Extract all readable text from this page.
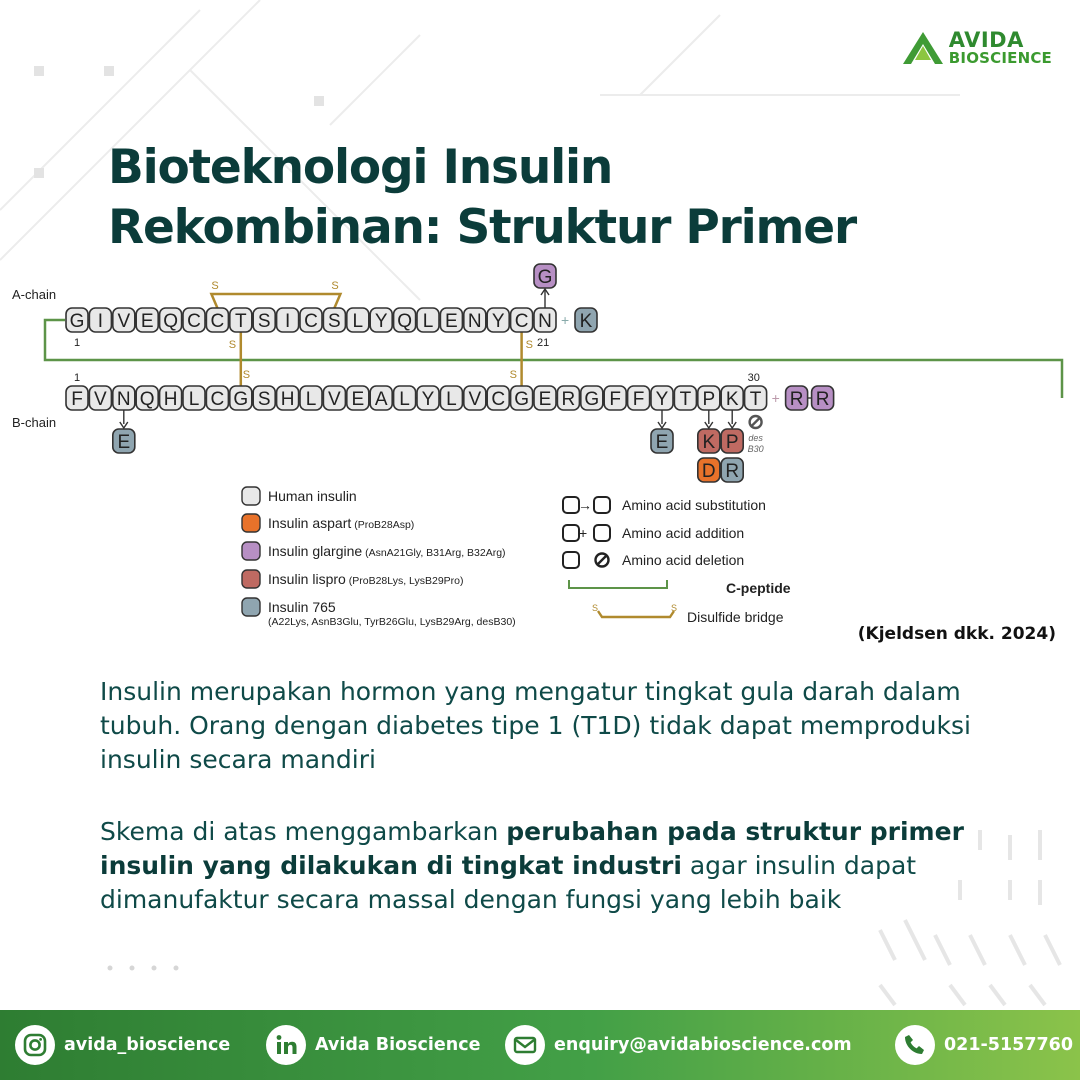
AVIDA
BIOSCIENCE
Bioteknologi Insulin
Rekombinan: Struktur Primer
A-chain
B-chain
S	S
S
S
S
S
G I V E Q C C T S I C S L Y Q L E N Y C N
1	21
+ K
G
F V N Q H L C G S H L V E A L Y L V C G E R G F F Y T P K T
1	30
+ R R
E	E K
D
P
R
des
B30
Human insulin
Insulin aspart (ProB28Asp)
Insulin glargine (AsnA21Gly, B31Arg, B32Arg)
Insulin lispro (ProB28Lys, LysB29Pro)
Insulin 765
(A22Lys, AsnB3Glu, TyrB26Glu, LysB29Arg, desB30)
→
+
S	S
Amino acid substitution
Amino acid addition
Amino acid deletion
C-peptide
Disulfide bridge
(Kjeldsen dkk. 2024)

Insulin merupakan hormon yang mengatur tingkat gula darah dalam tubuh. Orang dengan diabetes tipe 1 (T1D) tidak dapat memproduksi insulin secara mandiri

Skema di atas menggambarkan perubahan pada struktur primer insulin yang dilakukan di tingkat industri agar insulin dapat dimanufaktur secara massal dengan fungsi yang lebih baik

avida_bioscience	Avida Bioscience	enquiry@avidabioscience.com	021-5157760
